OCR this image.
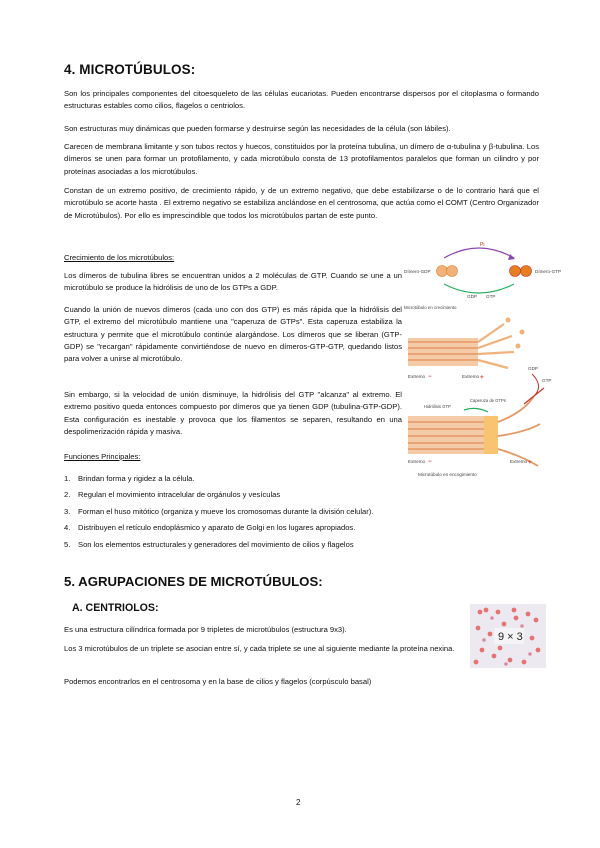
4. MICROTÚBULOS:

Son los principales componentes del citoesqueleto de las células eucariotas. Pueden encontrarse dispersos por el citoplasma o formando estructuras estables como cilios, flagelos o centriolos.

Son estructuras muy dinámicas que pueden formarse y destruirse según las necesidades de la célula (son lábiles).

Carecen de membrana limitante y son tubos rectos y huecos, constituidos por la proteína tubulina, un dímero de α-tubulina y β-tubulina. Los dímeros se unen para formar un protofilamento, y cada microtúbulo consta de 13 protofilamentos paralelos que forman un cilindro y por proteínas asociadas a los microtúbulos.

Constan de un extremo positivo, de crecimiento rápido, y de un extremo negativo, que debe estabilizarse o de lo contrario hará que el microtúbulo se acorte hasta . El extremo negativo se estabiliza anclándose en el centrosoma, que actúa como el COMT (Centro Organizador de Microtúbulos). Por ello es imprescindible que todos los microtúbulos partan de este punto.

Crecimiento de los microtúbulos:

Los dímeros de tubulina libres se encuentran unidos a 2 moléculas de GTP. Cuando se une a un microtúbulo se produce la hidrólisis de uno de los GTPs a GDP.

Cuando la unión de nuevos dímeros (cada uno con dos GTP) es más rápida que la hidrólisis del GTP, el extremo del microtúbulo mantiene una "caperuza de GTPs". Esta caperuza estabiliza la estructura y permite que el microtúbulo continúe alargándose. Los dímeros que se liberan (GTP-GDP) se "recargan" rápidamente convirtiéndose de nuevo en dímeros-GTP-GTP, quedando listos para volver a unirse al microtúbulo.

Sin embargo, si la velocidad de unión disminuye, la hidrólisis del GTP "alcanza" al extremo. El extremo positivo queda entonces compuesto por dímeros que ya tienen GDP (tubulina-GTP-GDP). Esta configuración es inestable y provoca que los filamentos se separen, resultando en una despolimerización rápida y masiva.

Funciones Principales:

1.	Brindan forma y rigidez a la célula.
2.	Regulan el movimiento intracelular de orgánulos y vesículas
3.	Forman el huso mitótico (organiza y mueve los cromosomas durante la división celular).
4.	Distribuyen el retículo endoplásmico y aparato de Golgi en los lugares apropiados.
5.	Son los elementos estructurales y generadores del movimiento de cilios y flagelos
Pi
Dímero-GDP	Dímero-GTP
GDP GTP
Microtúbulo en crecimiento
Extremo −	Extremo +
GDP
GTP
Hidrólisis GTP
Caperuza de GTPs
Extremo −	Extremo +
Microtúbulo en encogimiento
5. AGRUPACIONES DE MICROTÚBULOS:
A. CENTRIOLOS:

Es una estructura cilíndrica formada por 9 tripletes de microtúbulos (estructura 9x3).

Los 3 microtúbulos de un triplete se asocian entre sí, y cada triplete se une al siguiente mediante la proteína nexina.

Podemos encontrarlos en el centrosoma y en la base de cilios y flagelos (corpúsculo basal)

9 × 3
2
